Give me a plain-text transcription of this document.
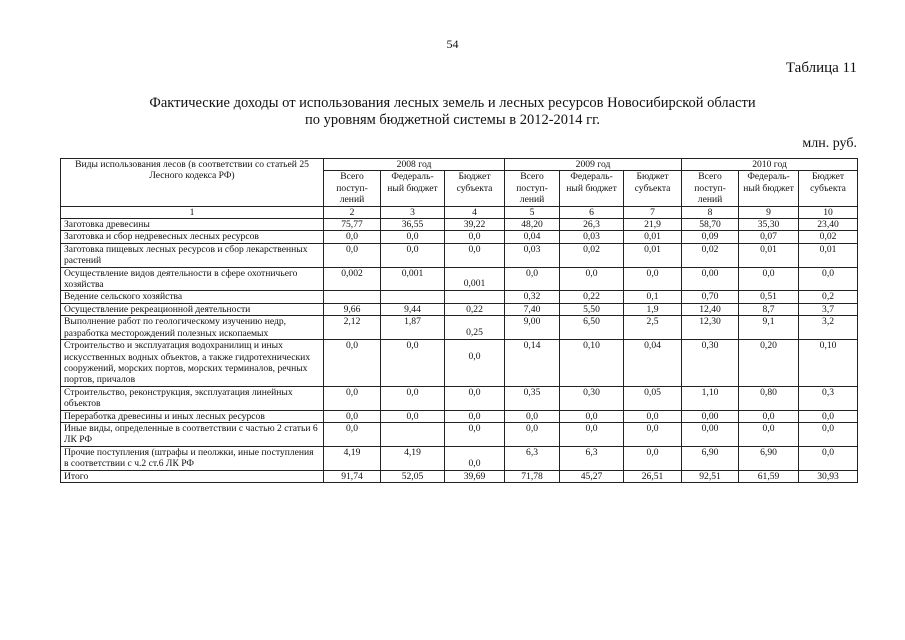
54
Таблица 11
Фактические доходы от использования лесных земель и лесных ресурсов Новосибирской области
по уровням бюджетной системы в 2012-2014 гг.
млн. руб.
Виды использования лесов (в соответствии со статьей 25 Лесного кодекса РФ)	2008 год			2009 год			2010 год		
	Всего поступ-лений	Федераль-ный бюджет	Бюджет субъекта	Всего поступ-лений	Федераль-ный бюджет	Бюджет субъекта	Всего поступ-лений	Федераль-ный бюджет	Бюджет субъекта
1	2	3	4	5	6	7	8	9	10
Заготовка древесины	75,77	36,55	39,22	48,20	26,3	21,9	58,70	35,30	23,40
Заготовка и сбор недревесных лесных ресурсов	0,0	0,0	0,0	0,04	0,03	0,01	0,09	0,07	0,02
Заготовка пищевых лесных ресурсов и сбор лекарственных растений	0,0	0,0	0,0	0,03	0,02	0,01	0,02	0,01	0,01
Осуществление видов деятельности в сфере охотничьего хозяйства	0,002	0,001	0,001	0,0	0,0	0,0	0,00	0,0	0,0
Ведение сельского хозяйства				0,32	0,22	0,1	0,70	0,51	0,2
Осуществление рекреационной деятельности	9,66	9,44	0,22	7,40	5,50	1,9	12,40	8,7	3,7
Выполнение работ по геологическому изучению недр, разработка месторождений полезных ископаемых	2,12	1,87	0,25	9,00	6,50	2,5	12,30	9,1	3,2
Строительство и эксплуатация водохранилищ и иных искусственных водных объектов, а также гидротехнических сооружений, морских портов, морских терминалов, речных портов, причалов	0,0	0,0	0,0	0,14	0,10	0,04	0,30	0,20	0,10
Строительство, реконструкция, эксплуатация линейных объектов	0,0	0,0	0,0	0,35	0,30	0,05	1,10	0,80	0,3
Переработка древесины и иных лесных ресурсов	0,0	0,0	0,0	0,0	0,0	0,0	0,00	0,0	0,0
Иные виды, определенные в соответствии с частью 2 статьи 6 ЛК РФ	0,0		0,0	0,0	0,0	0,0	0,00	0,0	0,0
Прочие поступления (штрафы и пеолжки, иные поступления в соответствии с ч.2 ст.6 ЛК РФ	4,19	4,19	0,0	6,3	6,3	0,0	6,90	6,90	0,0
Итого	91,74	52,05	39,69	71,78	45,27	26,51	92,51	61,59	30,93
